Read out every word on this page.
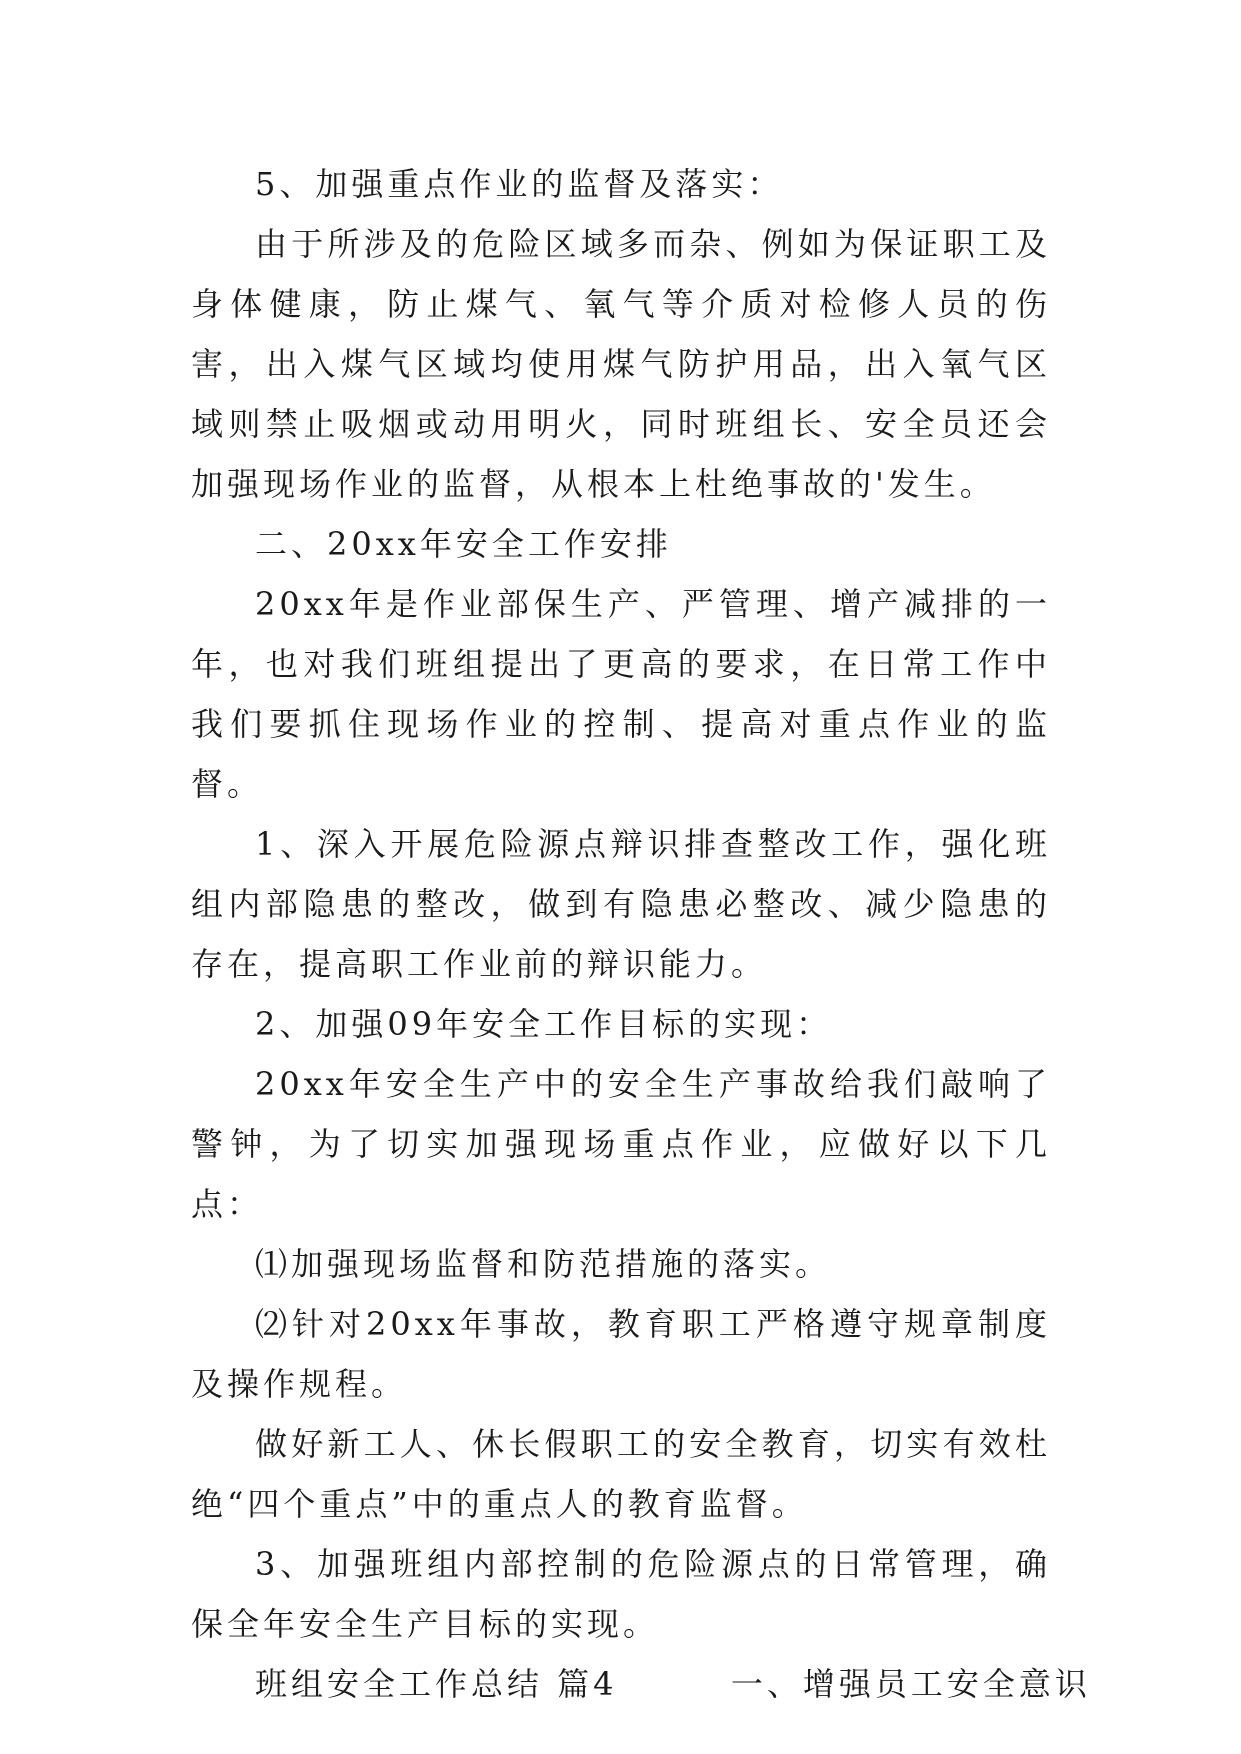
5、加强重点作业的监督及落实：

由于所涉及的危险区域多而杂、例如为保证职工及身体健康，防止煤气、氧气等介质对检修人员的伤害，出入煤气区域均使用煤气防护用品，出入氧气区域则禁止吸烟或动用明火，同时班组长、安全员还会加强现场作业的监督，从根本上杜绝事故的'发生。

二、20xx年安全工作安排

20xx年是作业部保生产、严管理、增产减排的一年，也对我们班组提出了更高的要求，在日常工作中我们要抓住现场作业的控制、提高对重点作业的监督。

1、深入开展危险源点辩识排查整改工作，强化班组内部隐患的整改，做到有隐患必整改、减少隐患的存在，提高职工作业前的辩识能力。

2、加强09年安全工作目标的实现：

20xx年安全生产中的安全生产事故给我们敲响了警钟，为了切实加强现场重点作业，应做好以下几点：

⑴加强现场监督和防范措施的落实。

⑵针对20xx年事故，教育职工严格遵守规章制度及操作规程。

做好新工人、休长假职工的安全教育，切实有效杜绝“四个重点”中的重点人的教育监督。

3、加强班组内部控制的危险源点的日常管理，确保全年安全生产目标的实现。

班组安全工作总结 篇4	一、增强员工安全意识
